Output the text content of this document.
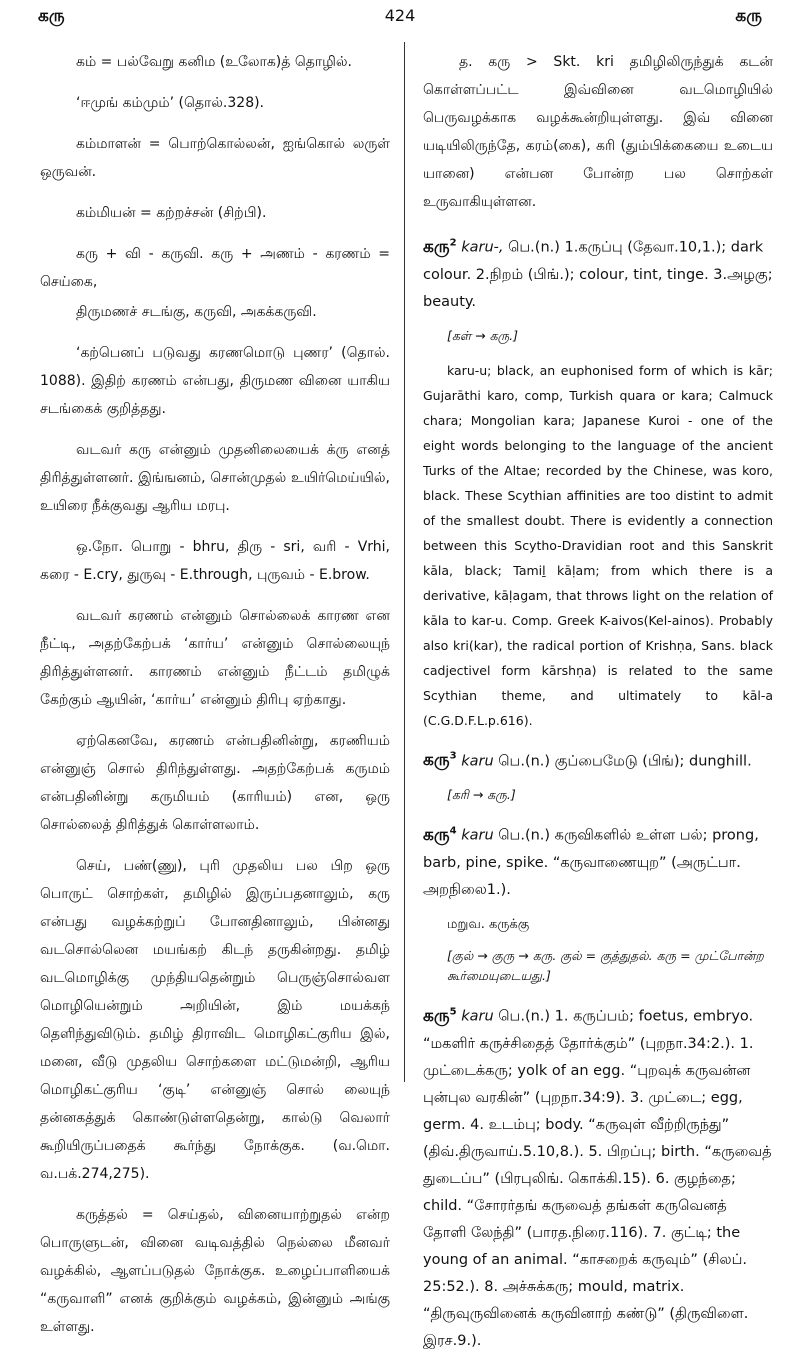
கரு	424	கரு

கம் = பல்வேறு கனிம (உலோக)த் தொழில்.

‘ஈமுங் கம்மும்’ (தொல்.328).

கம்மாளன் = பொற்கொல்லன், ஐங்கொல் லருள் ஒருவன்.

கம்மியன் = கற்றச்சன் (சிற்பி).

கரு + வி - கருவி. கரு + அணம் - கரணம் = செய்கை,

திருமணச் சடங்கு, கருவி, அகக்கருவி.

‘கற்பெனப் படுவது கரணமொடு புணர’ (தொல். 1088). இதிற் கரணம் என்பது, திருமண வினை யாகிய சடங்கைக் குறித்தது.

வடவர் கரு என்னும் முதனிலையைக் க்ரு எனத் திரித்துள்ளனர். இங்ஙனம், சொன்முதல் உயிர்மெய்யில், உயிரை நீக்குவது ஆரிய மரபு.

ஒ.நோ. பொறு - bhru, திரு - sri, வரி - Vrhi, கரை - E.cry, துருவு - E.through, புருவம் - E.brow.

வடவர் கரணம் என்னும் சொல்லைக் காரண என நீட்டி, அதற்கேற்பக் ‘கார்ய’ என்னும் சொல்லையுந் திரித்துள்ளனர். காரணம் என்னும் நீட்டம் தமிழுக் கேற்கும் ஆயின், ‘கார்ய’ என்னும் திரிபு ஏற்காது.

ஏற்கெனவே, கரணம் என்பதினின்று, கரணியம் என்னுஞ் சொல் திரிந்துள்ளது. அதற்கேற்பக் கருமம் என்பதினின்று கருமியம் (காரியம்) என, ஒரு சொல்லைத் திரித்துக் கொள்ளலாம்.

செய், பண்(ணு), புரி முதலிய பல பிற ஒரு பொருட் சொற்கள், தமிழில் இருப்பதனாலும், கரு என்பது வழக்கற்றுப் போனதினாலும், பின்னது வடசொல்லென மயங்கற் கிடந் தருகின்றது. தமிழ் வடமொழிக்கு முந்தியதென்றும் பெருஞ்சொல்வள மொழியென்றும் அறியின், இம் மயக்கந் தெளிந்துவிடும். தமிழ் திராவிட மொழிகட்குரிய இல், மனை, வீடு முதலிய சொற்களை மட்டுமன்றி, ஆரிய மொழிகட்குரிய ‘குடி’ என்னுஞ் சொல் லையுந் தன்னகத்துக் கொண்டுள்ளதென்று, கால்டு வெலார் கூறியிருப்பதைக் கூர்ந்து நோக்குக. (வ.மொ. வ.பக்.274,275).

கருத்தல் = செய்தல், வினையாற்றுதல் என்ற பொருளுடன், வினை வடிவத்தில் நெல்லை மீனவர் வழக்கில், ஆளப்படுதல் நோக்குக. உழைப்பாளியைக் “கருவாளி” எனக் குறிக்கும் வழக்கம், இன்னும் அங்கு உள்ளது.

த. கரு > Skt. kri தமிழிலிருந்துக் கடன் கொள்ளப்பட்ட இவ்வினை வடமொழியில் பெருவழக்காக வழக்கூன்றியுள்ளது. இவ் வினை யடியிலிருந்தே, கரம்(கை), கரி (தும்பிக்கையை உடைய யானை) என்பன போன்ற பல சொற்கள் உருவாகியுள்ளன.

கரு$^2$ karu-, பெ.(n.) 1.கருப்பு (தேவா.10,1.); dark colour. 2.நிறம் (பிங்.); colour, tint, tinge. 3.அழகு; beauty.
[கள் → கரு.]

karu-u; black, an euphonised form of which is kār; Gujarāthi karo, comp, Turkish quara or kara; Calmuck chara; Mongolian kara; Japanese Kuroi - one of the eight words belonging to the language of the ancient Turks of the Altae; recorded by the Chinese, was koro, black. These Scythian affinities are too distint to admit of the smallest doubt. There is evidently a connection between this Scytho-Dravidian root and this Sanskrit kāla, black; Tamiḻ kāḷam; from which there is a derivative, kāḷagam, that throws light on the relation of kāla to kar-u. Comp. Greek K-aivos(Kel-ainos). Probably also kri(kar), the radical portion of Krishṇa, Sans. black cadjectivel form kārshṇa) is related to the same Scythian theme, and ultimately to kāl-a (C.G.D.F.L.p.616).

கரு$^3$ karu பெ.(n.) குப்பைமேடு (பிங்); dunghill.
[கரி → கரு.]
கரு$^4$ karu பெ.(n.) கருவிகளில் உள்ள பல்; prong, barb, pine, spike. “கருவாணையுற” (அருட்பா. அறநிலை1.).
மறுவ. கருக்கு
[குல் → குரு → கரு. குல் = குத்துதல். கரு = முட்போன்ற கூர்மையுடையது.]
கரு$^5$ karu பெ.(n.) 1. கருப்பம்; foetus, embryo. “மகளிர் கருச்சிதைத் தோர்க்கும்” (புறநா.34:2.). 1. முட்டைக்கரு; yolk of an egg. “புறவுக் கருவன்ன புன்புல வரகின்” (புறநா.34:9). 3. முட்டை; egg, germ. 4. உடம்பு; body. “கருவுள் வீற்றிருந்து” (திவ்.திருவாய்.5.10,8.). 5. பிறப்பு; birth. “கருவைத் துடைப்ப” (பிரபுலிங். கொக்கி.15). 6. குழந்தை; child. “சோரர்தங் கருவைத் தங்கள் கருவெனத் தோளி லேந்தி” (பாரத.நிரை.116). 7. குட்டி; the young of an animal. “காசறைக் கருவும்” (சிலப். 25:52.). 8. அச்சுக்கரு; mould, matrix. “திருவுருவினைக் கருவினாற் கண்டு” (திருவிளை. இரச.9.).
